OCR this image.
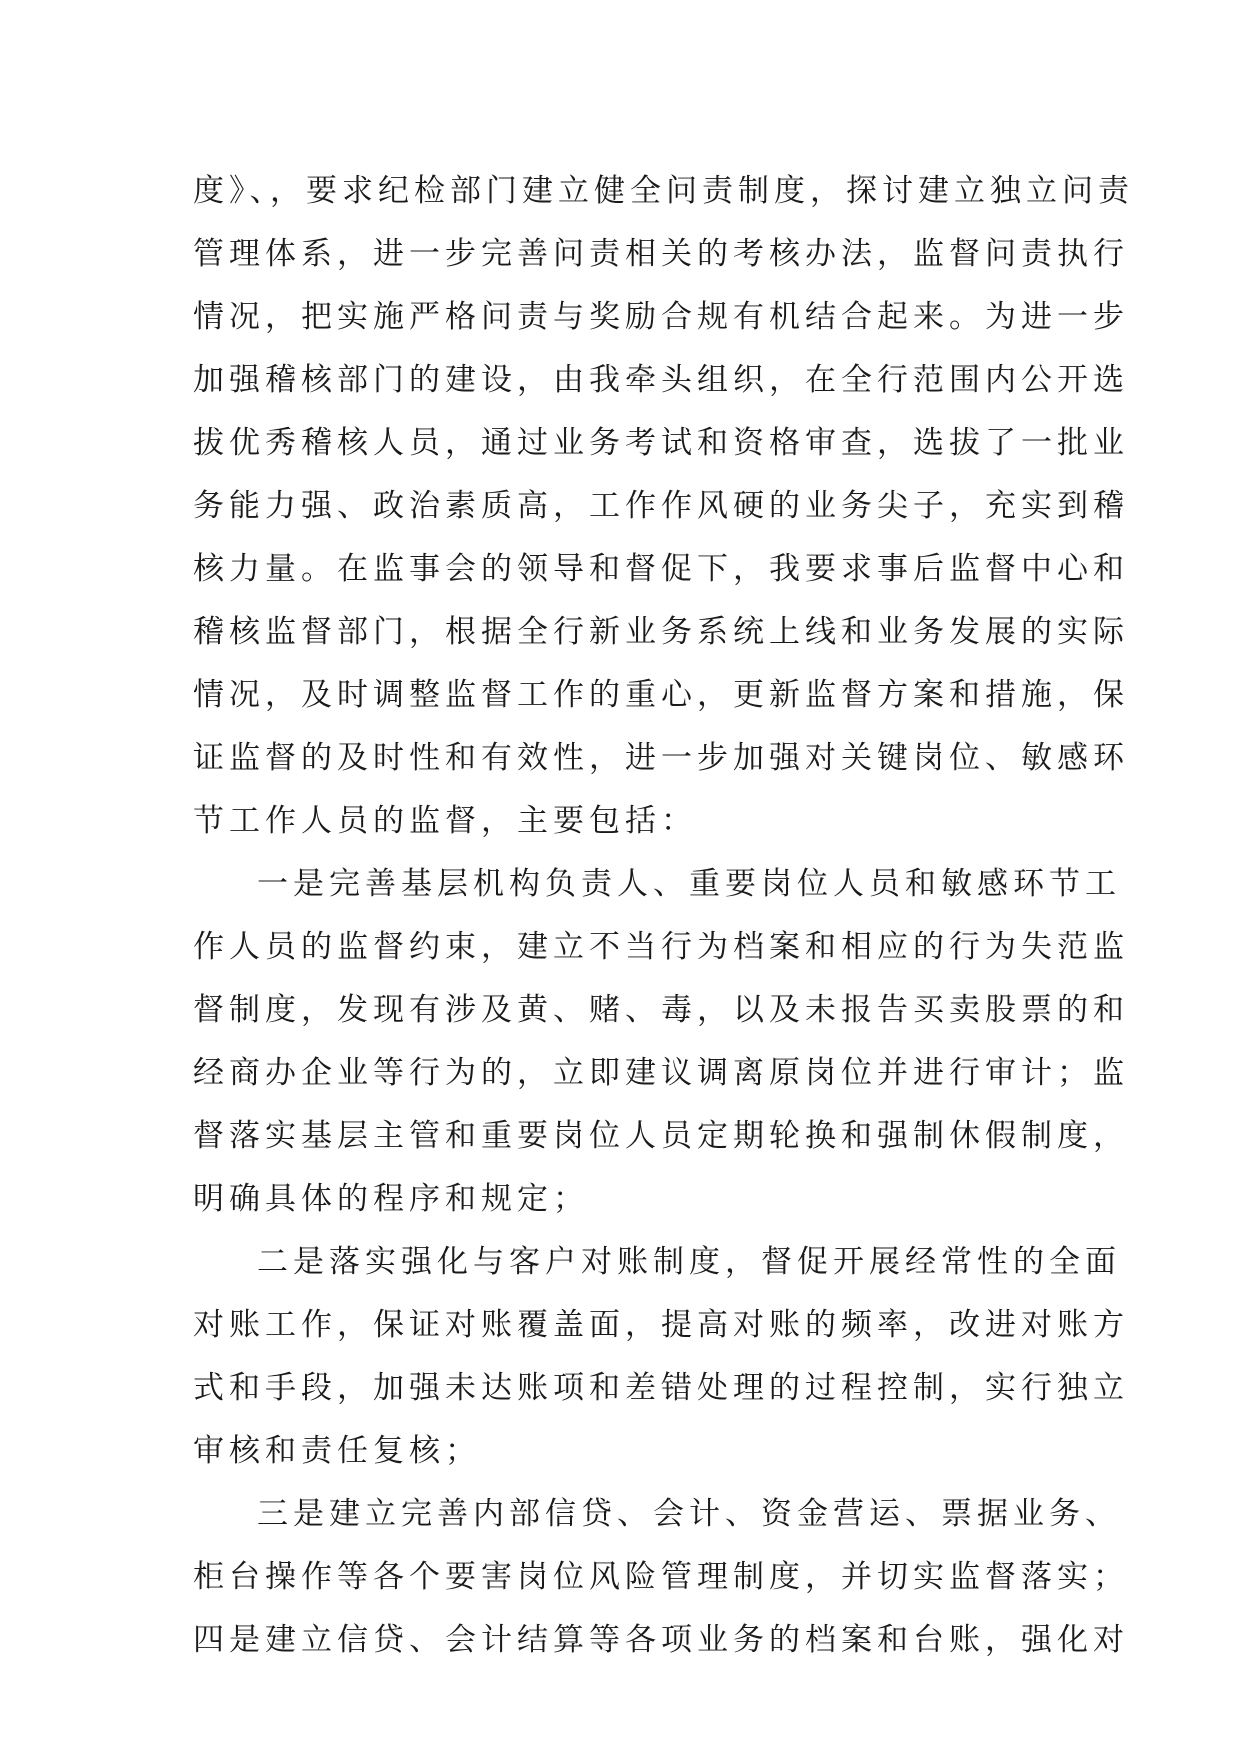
度》、，要求纪检部门建立健全问责制度，探讨建立独立问责
管理体系，进一步完善问责相关的考核办法，监督问责执行
情况，把实施严格问责与奖励合规有机结合起来。为进一步
加强稽核部门的建设，由我牵头组织，在全行范围内公开选
拔优秀稽核人员，通过业务考试和资格审查，选拔了一批业
务能力强、政治素质高，工作作风硬的业务尖子，充实到稽
核力量。在监事会的领导和督促下，我要求事后监督中心和
稽核监督部门，根据全行新业务系统上线和业务发展的实际
情况，及时调整监督工作的重心，更新监督方案和措施，保
证监督的及时性和有效性，进一步加强对关键岗位、敏感环
节工作人员的监督，主要包括：
一是完善基层机构负责人、重要岗位人员和敏感环节工
作人员的监督约束，建立不当行为档案和相应的行为失范监
督制度，发现有涉及黄、赌、毒，以及未报告买卖股票的和
经商办企业等行为的，立即建议调离原岗位并进行审计；监
督落实基层主管和重要岗位人员定期轮换和强制休假制度，
明确具体的程序和规定；
二是落实强化与客户对账制度，督促开展经常性的全面
对账工作，保证对账覆盖面，提高对账的频率，改进对账方
式和手段，加强未达账项和差错处理的过程控制，实行独立
审核和责任复核；
三是建立完善内部信贷、会计、资金营运、票据业务、
柜台操作等各个要害岗位风险管理制度，并切实监督落实；
四是建立信贷、会计结算等各项业务的档案和台账，强化对
